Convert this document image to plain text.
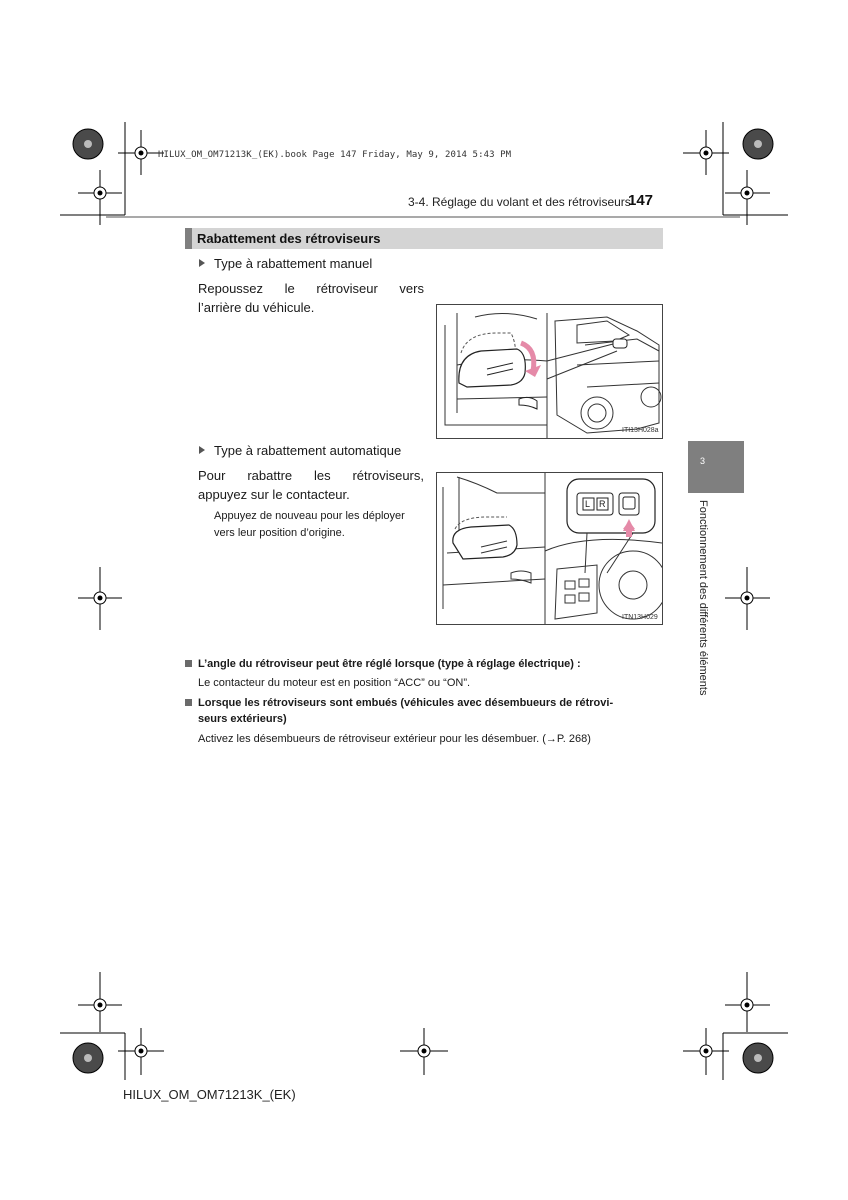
HILUX_OM_OM71213K_(EK).book Page 147 Friday, May 9, 2014 5:43 PM
3-4. Réglage du volant et des rétroviseurs
147
Rabattement des rétroviseurs
Type à rabattement manuel
Repoussez le rétroviseur vers
l’arrière du véhicule.
ITI13H028a
Type à rabattement automatique
Pour rabattre les rétroviseurs,
appuyez sur le contacteur.
Appuyez de nouveau pour les déployer
vers leur position d’origine.
L R
ITN13H029
3
Fonctionnement des différents éléments
L’angle du rétroviseur peut être réglé lorsque (type à réglage électrique) :
Le contacteur du moteur est en position “ACC” ou “ON”.
Lorsque les rétroviseurs sont embués (véhicules avec désembueurs de rétrovi-
seurs extérieurs)
Activez les désembueurs de rétroviseur extérieur pour les désembuer. (→P. 268)
HILUX_OM_OM71213K_(EK)
